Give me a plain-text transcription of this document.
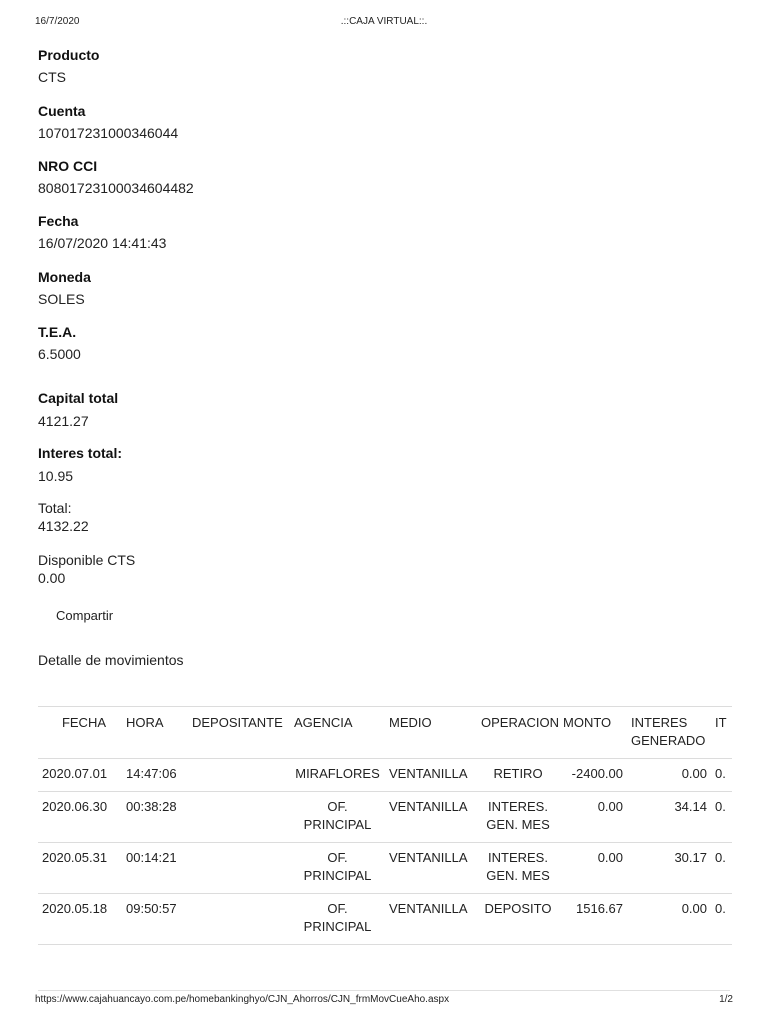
16/7/2020	.::CAJA VIRTUAL::.
Producto
CTS
Cuenta
107017231000346044
NRO CCI
80801723100034604482
Fecha
16/07/2020 14:41:43
Moneda
SOLES
T.E.A.
6.5000
Capital total
4121.27
Interes total:
10.95
Total:
4132.22
Disponible CTS
0.00
Compartir
Detalle de movimientos
FECHA	HORA	DEPOSITANTE	AGENCIA	MEDIO	OPERACION	MONTO	INTERES GENERADO	IT
2020.07.01	14:47:06		MIRAFLORES	VENTANILLA	RETIRO	-2400.00	0.00	0.
2020.06.30	00:38:28		OF. PRINCIPAL	VENTANILLA	INTERES. GEN. MES	0.00	34.14	0.
2020.05.31	00:14:21		OF. PRINCIPAL	VENTANILLA	INTERES. GEN. MES	0.00	30.17	0.
2020.05.18	09:50:57		OF. PRINCIPAL	VENTANILLA	DEPOSITO	1516.67	0.00	0.
https://www.cajahuancayo.com.pe/homebankinghyo/CJN_Ahorros/CJN_frmMovCueAho.aspx	1/2
